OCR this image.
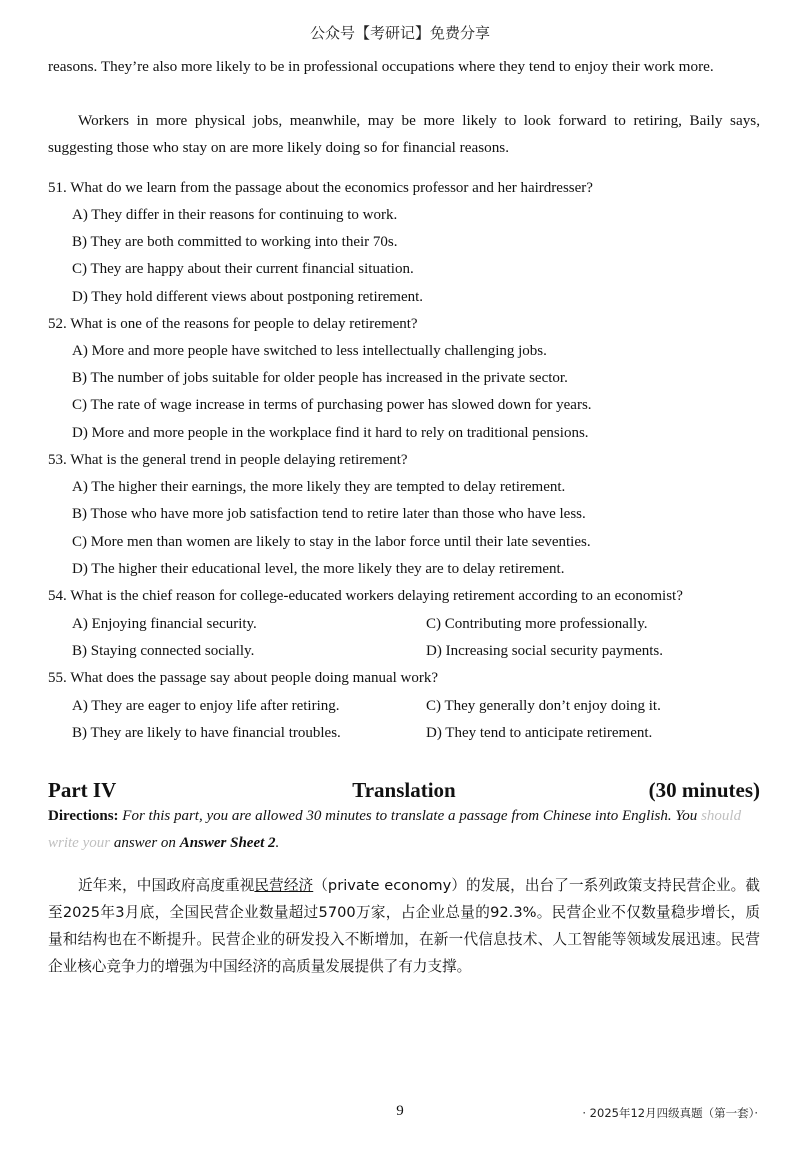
公众号【考研记】免费分享
reasons. They’re also more likely to be in professional occupations where they tend to enjoy their work more.
Workers in more physical jobs, meanwhile, may be more likely to look forward to retiring, Baily says, suggesting those who stay on are more likely doing so for financial reasons.
51. What do we learn from the passage about the economics professor and her hairdresser?
A) They differ in their reasons for continuing to work.
B) They are both committed to working into their 70s.
C) They are happy about their current financial situation.
D) They hold different views about postponing retirement.
52. What is one of the reasons for people to delay retirement?
A) More and more people have switched to less intellectually challenging jobs.
B) The number of jobs suitable for older people has increased in the private sector.
C) The rate of wage increase in terms of purchasing power has slowed down for years.
D) More and more people in the workplace find it hard to rely on traditional pensions.
53. What is the general trend in people delaying retirement?
A) The higher their earnings, the more likely they are tempted to delay retirement.
B) Those who have more job satisfaction tend to retire later than those who have less.
C) More men than women are likely to stay in the labor force until their late seventies.
D) The higher their educational level, the more likely they are to delay retirement.
54. What is the chief reason for college-educated workers delaying retirement according to an economist?
A) Enjoying financial security.	C) Contributing more professionally.
B) Staying connected socially.	D) Increasing social security payments.
55. What does the passage say about people doing manual work?
A) They are eager to enjoy life after retiring.	C) They generally don’t enjoy doing it.
B) They are likely to have financial troubles.	D) They tend to anticipate retirement.
Part IV	Translation	(30 minutes)
Directions: For this part, you are allowed 30 minutes to translate a passage from Chinese into English. You should write your answer on Answer Sheet 2.
近年来，中国政府高度重视民营经济（private economy）的发展，出台了一系列政策支持民营企业。截至2025年3月底，全国民营企业数量超过5700万家，占企业总量的92.3%。民营企业不仅数量稳步增长，质量和结构也在不断提升。民营企业的研发投入不断增加，在新一代信息技术、人工智能等领域发展迅速。民营企业核心竞争力的增强为中国经济的高质量发展提供了有力支撑。
9	· 2025年12月四级真题（第一套）·
